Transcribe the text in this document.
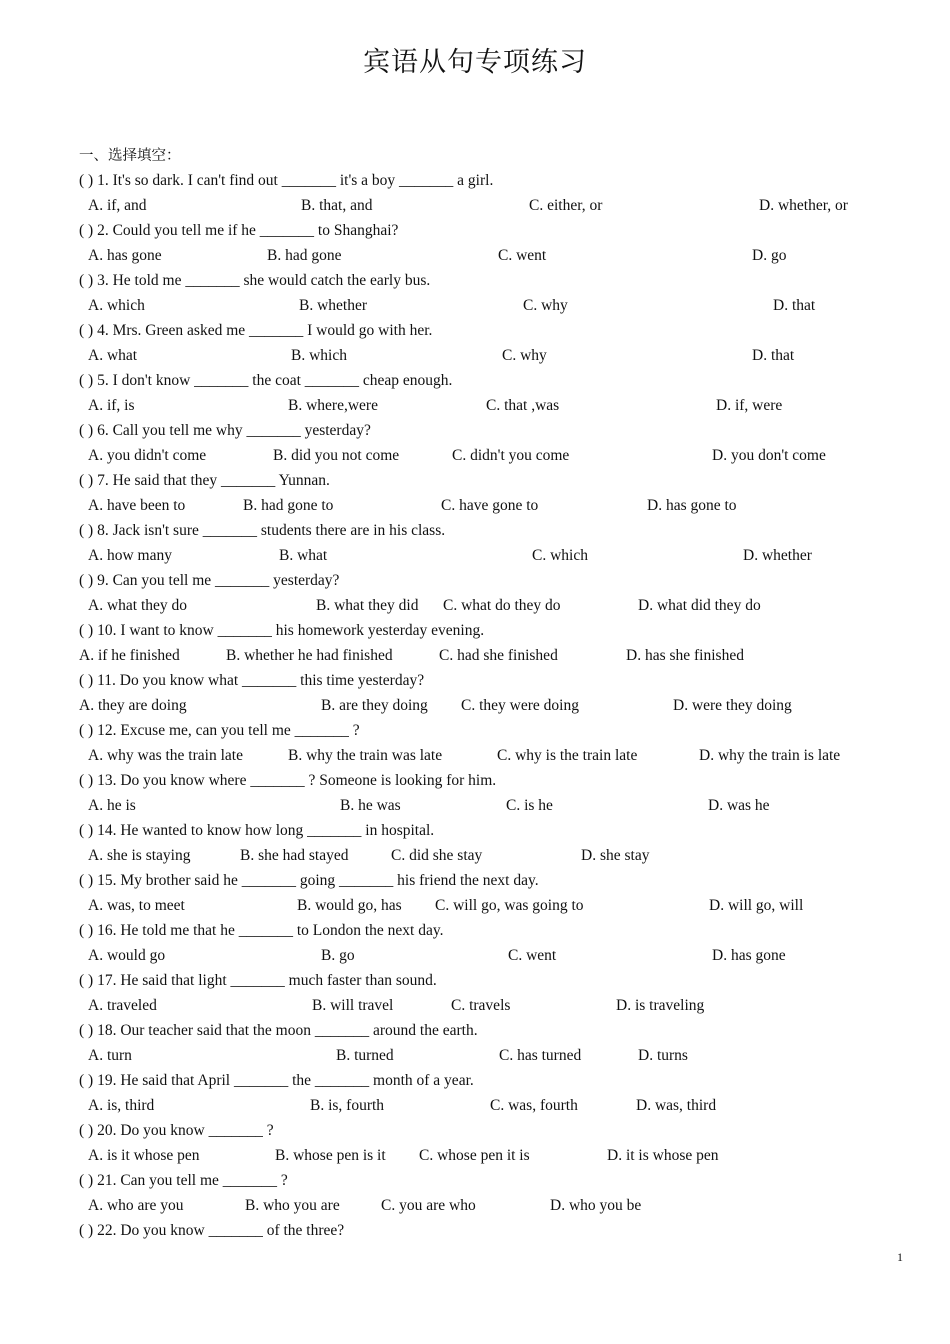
宾语从句专项练习
一、选择填空：
( ) 1. It's so dark. I can't find out _______ it's a boy _______ a girl.
A. if, and	B. that, and	C. either, or	D. whether, or
( ) 2. Could you tell me if he _______ to Shanghai?
A. has gone	B. had gone	C. went	D. go
( ) 3. He told me _______ she would catch the early bus.
A. which	B. whether	C. why	D. that
( ) 4. Mrs. Green asked me _______ I would go with her.
A. what	B. which	C. why	D. that
( ) 5. I don't know _______ the coat _______ cheap enough.
A. if, is	B. where,were	C. that ,was	D. if, were
( ) 6. Call you tell me why _______ yesterday?
A. you didn't come	B. did you not come	C. didn't you come	D. you don't come
( ) 7. He said that they _______ Yunnan.
A. have been to	B. had gone to	C. have gone to	D. has gone to
( ) 8. Jack isn't sure _______ students there are in his class.
A. how many	B. what	C. which	D. whether
( ) 9. Can you tell me _______ yesterday?
A. what they do	B. what they did C. what do they do	D. what did they do
( ) 10. I want to know _______ his homework yesterday evening.
A. if he finished	B. whether he had finished	C. had she finished	D. has she finished
( ) 11. Do you know what _______ this time yesterday?
A. they are doing	B. are they doing C. they were doing	D. were they doing
( ) 12. Excuse me, can you tell me _______ ?
A. why was the train late	B. why the train was late	C. why is the train late	D. why the train is late
( ) 13. Do you know where _______ ? Someone is looking for him.
A. he is	B. he was	C. is he	D. was he
( ) 14. He wanted to know how long _______ in hospital.
A. she is staying	B. she had stayed	C. did she stay	D. she stay
( ) 15. My brother said he _______ going _______ his friend the next day.
A. was, to meet	B. would go, has C. will go, was going to	D. will go, will
( ) 16. He told me that he _______ to London the next day.
A. would go	B. go	C. went	D. has gone
( ) 17. He said that light _______ much faster than sound.
A. traveled	B. will travel	C. travels	D. is traveling
( ) 18. Our teacher said that the moon _______ around the earth.
A. turn	B. turned	C. has turned	D. turns
( ) 19. He said that April _______ the _______ month of a year.
A. is, third	B. is, fourth	C. was, fourth	D. was, third
( ) 20. Do you know _______ ?
A. is it whose pen	B. whose pen is it C. whose pen it is	D. it is whose pen
( ) 21. Can you tell me _______ ?
A. who are you	B. who you are	C. you are who	D. who you be
( ) 22. Do you know _______ of the three?
1
